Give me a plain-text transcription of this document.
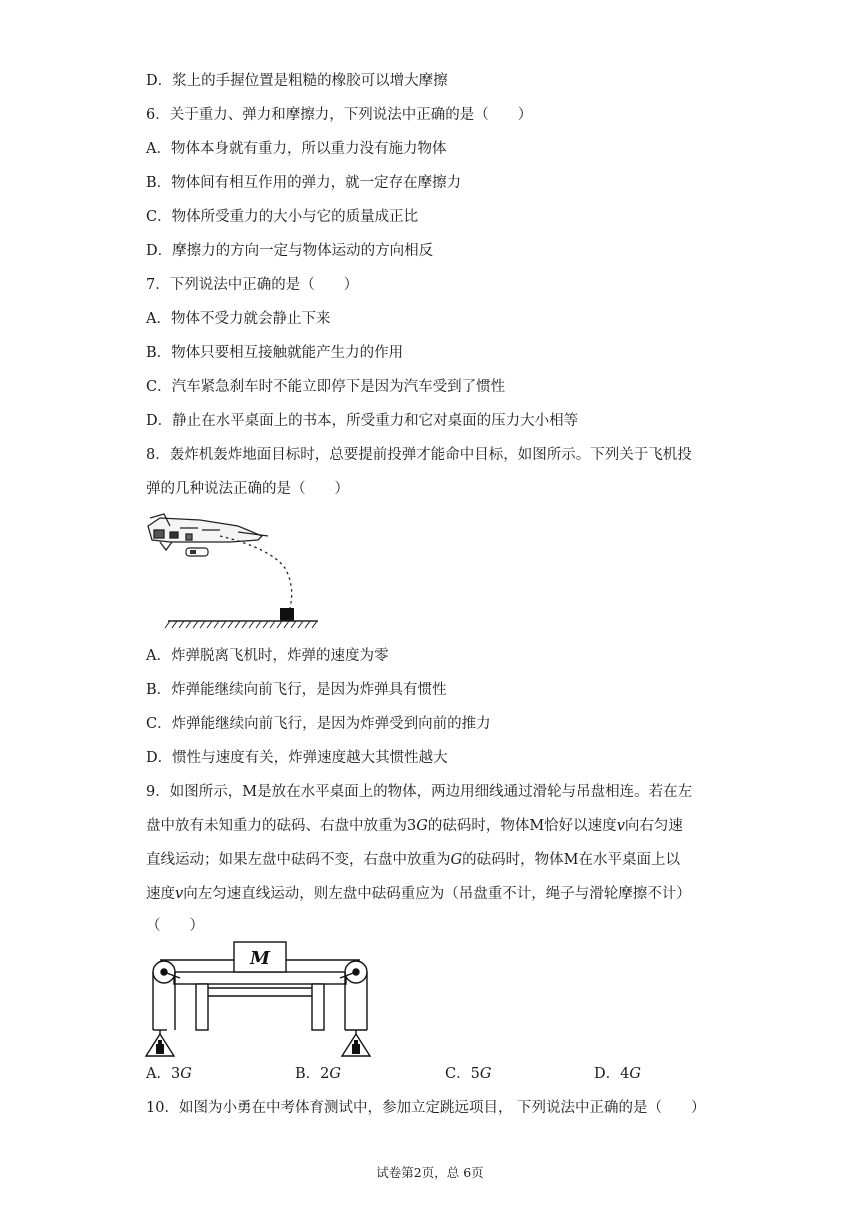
D．浆上的手握位置是粗糙的橡胶可以增大摩擦
6．关于重力、弹力和摩擦力，下列说法中正确的是（　　）
A．物体本身就有重力，所以重力没有施力物体
B．物体间有相互作用的弹力，就一定存在摩擦力
C．物体所受重力的大小与它的质量成正比
D．摩擦力的方向一定与物体运动的方向相反
7．下列说法中正确的是（　　）
A．物体不受力就会静止下来
B．物体只要相互接触就能产生力的作用
C．汽车紧急刹车时不能立即停下是因为汽车受到了惯性
D．静止在水平桌面上的书本，所受重力和它对桌面的压力大小相等
8．轰炸机轰炸地面目标时，总要提前投弹才能命中目标，如图所示。下列关于飞机投
弹的几种说法正确的是（　　）
A．炸弹脱离飞机时，炸弹的速度为零
B．炸弹能继续向前飞行，是因为炸弹具有惯性
C．炸弹能继续向前飞行，是因为炸弹受到向前的推力
D．惯性与速度有关，炸弹速度越大其惯性越大
9．如图所示，M是放在水平桌面上的物体，两边用细线通过滑轮与吊盘相连。若在左
盘中放有未知重力的砝码、右盘中放重为3G的砝码时，物体M恰好以速度v向右匀速
直线运动；如果左盘中砝码不变，右盘中放重为G的砝码时，物体M在水平桌面上以
速度v向左匀速直线运动，则左盘中砝码重应为（吊盘重不计，绳子与滑轮摩擦不计）
（　　）
M
A．3G	B．2G	C．5G	D．4G
10．如图为小勇在中考体育测试中，参加立定跳远项目， 下列说法中正确的是（　　）
试卷第2页，总 6页
